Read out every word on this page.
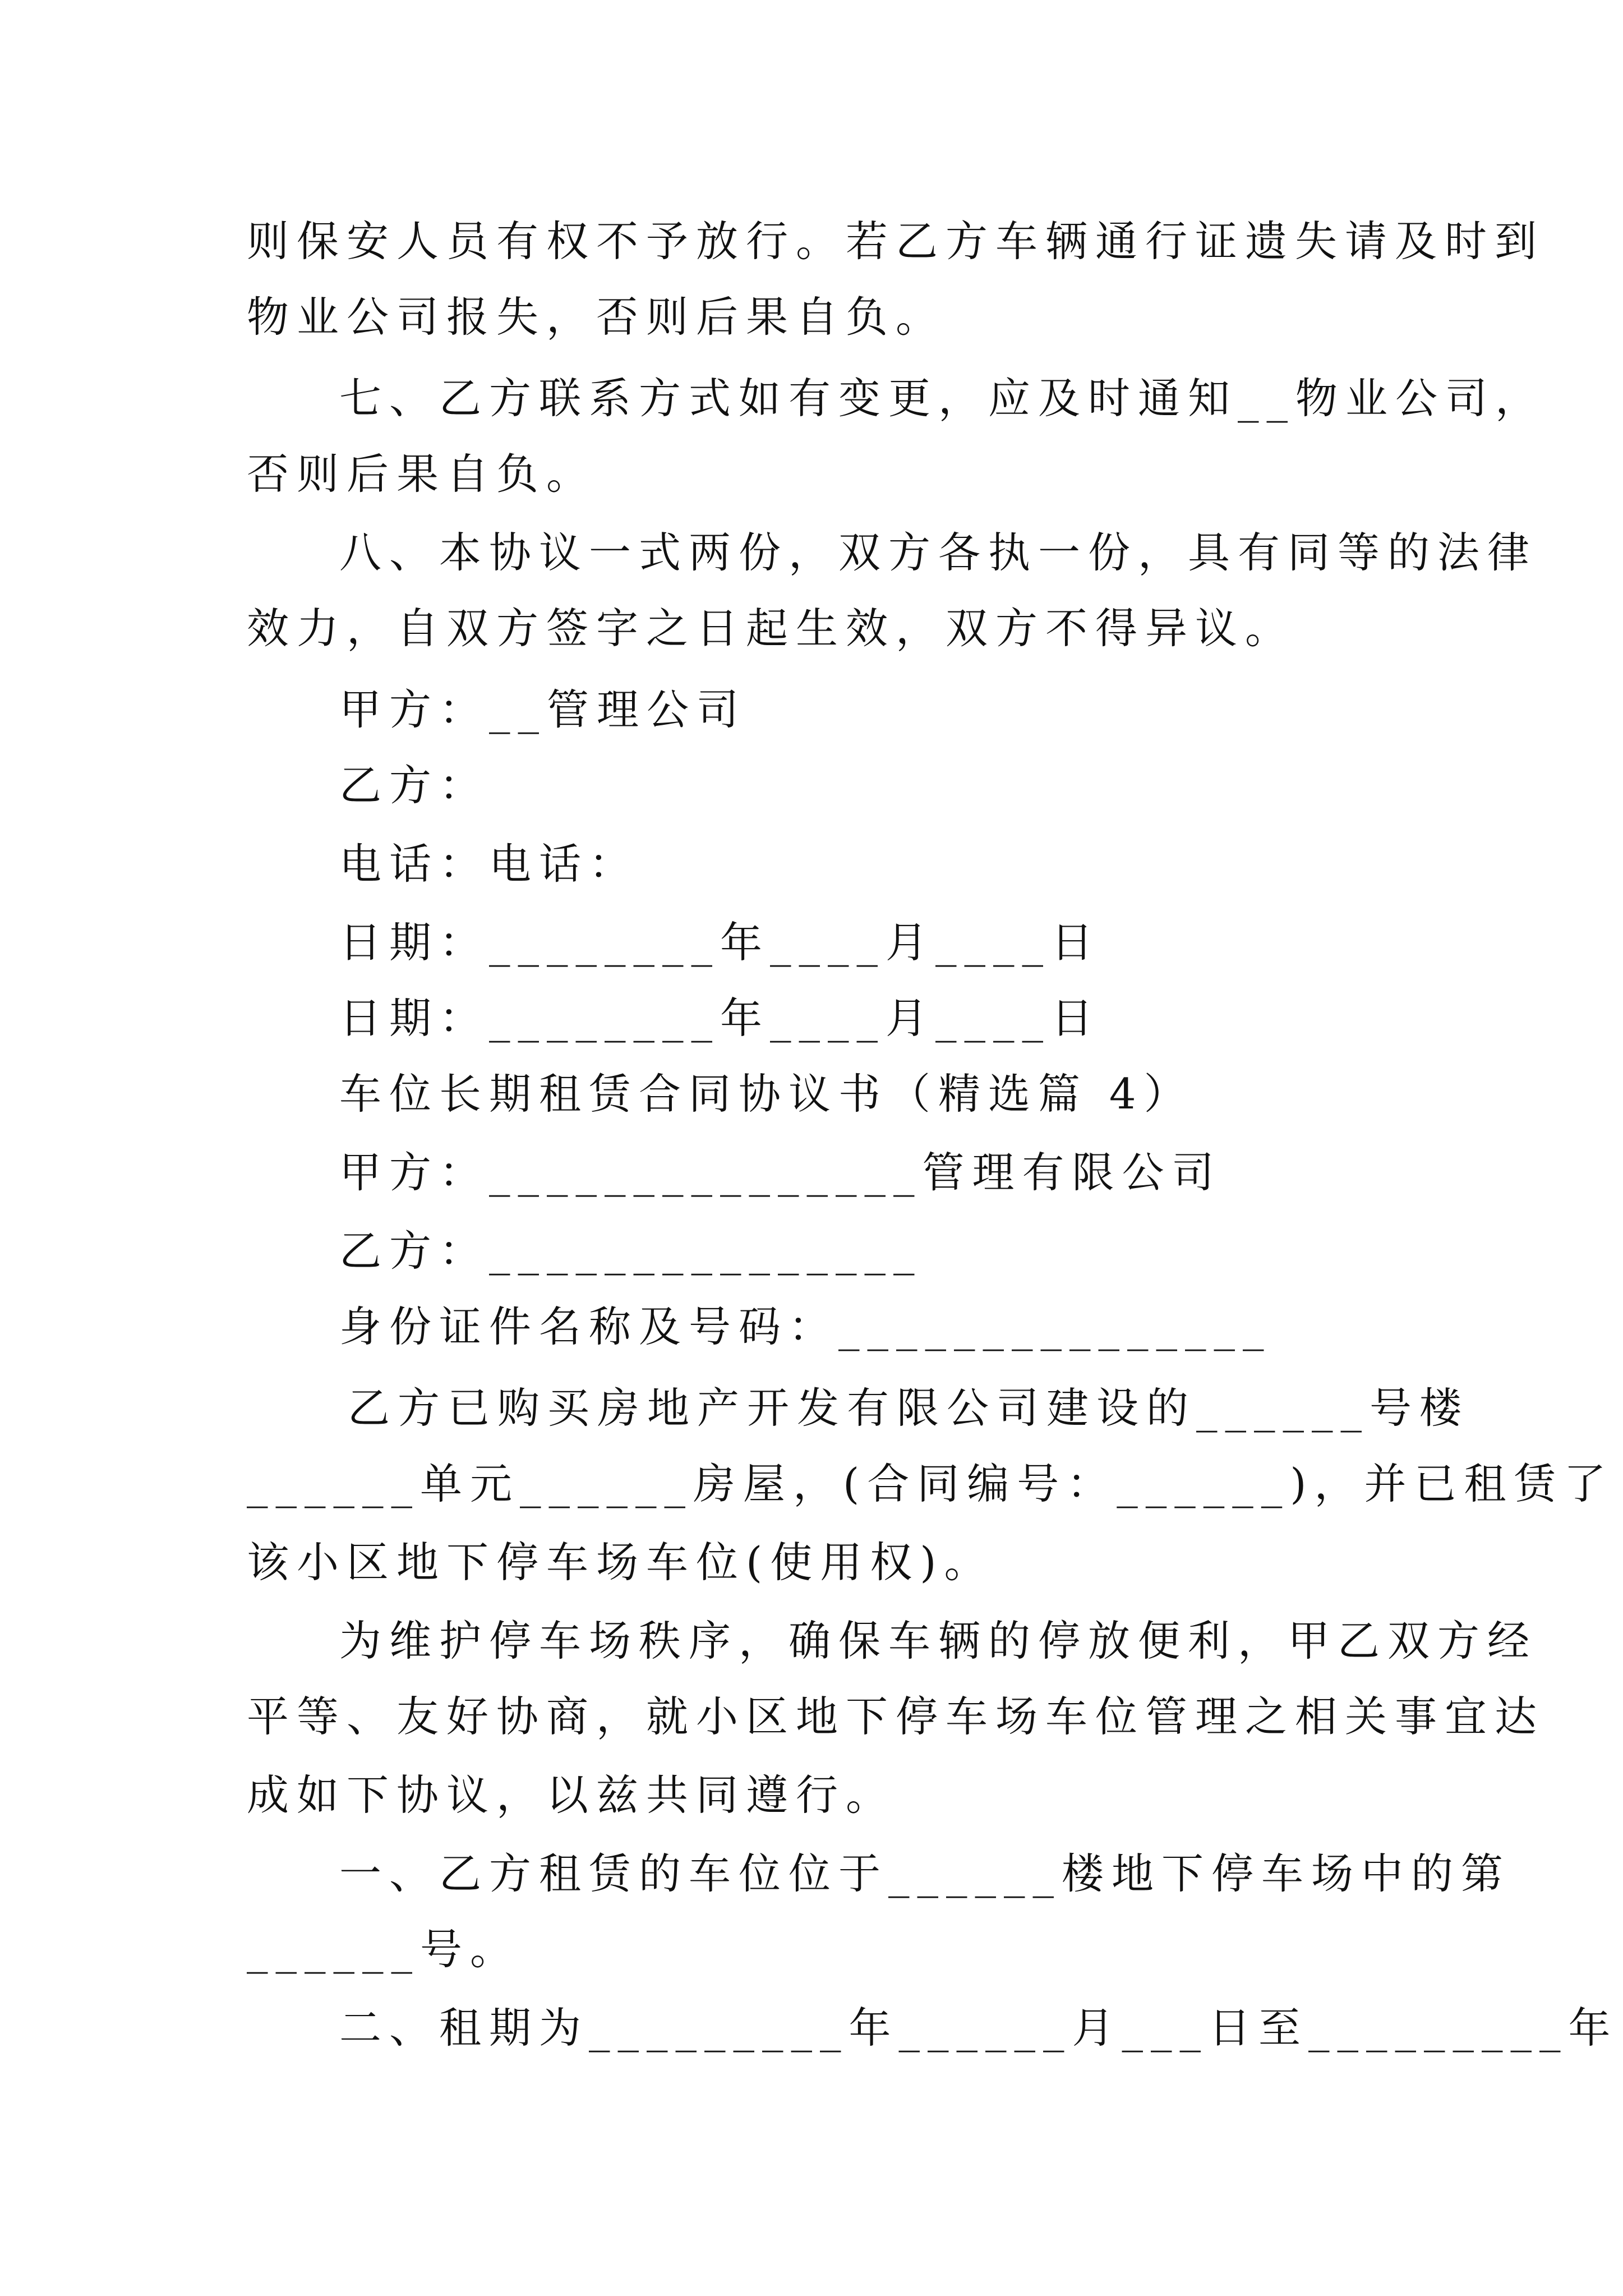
则保安人员有权不予放行。若乙方车辆通行证遗失请及时到
物业公司报失，否则后果自负。
七、乙方联系方式如有变更，应及时通知__物业公司，
否则后果自负。
八、本协议一式两份，双方各执一份，具有同等的法律
效力，自双方签字之日起生效，双方不得异议。
甲方：__管理公司
乙方：
电话：电话：
日期：________年____月____日
日期：________年____月____日
车位长期租赁合同协议书（精选篇 4）
甲方：_______________管理有限公司
乙方：_______________
身份证件名称及号码：_______________
乙方已购买房地产开发有限公司建设的______号楼
______单元______房屋，(合同编号：______)，并已租赁了
该小区地下停车场车位(使用权)。
为维护停车场秩序，确保车辆的停放便利，甲乙双方经
平等、友好协商，就小区地下停车场车位管理之相关事宜达
成如下协议，以兹共同遵行。
一、乙方租赁的车位位于______楼地下停车场中的第
______号。
二、租期为_________年______月___日至_________年
